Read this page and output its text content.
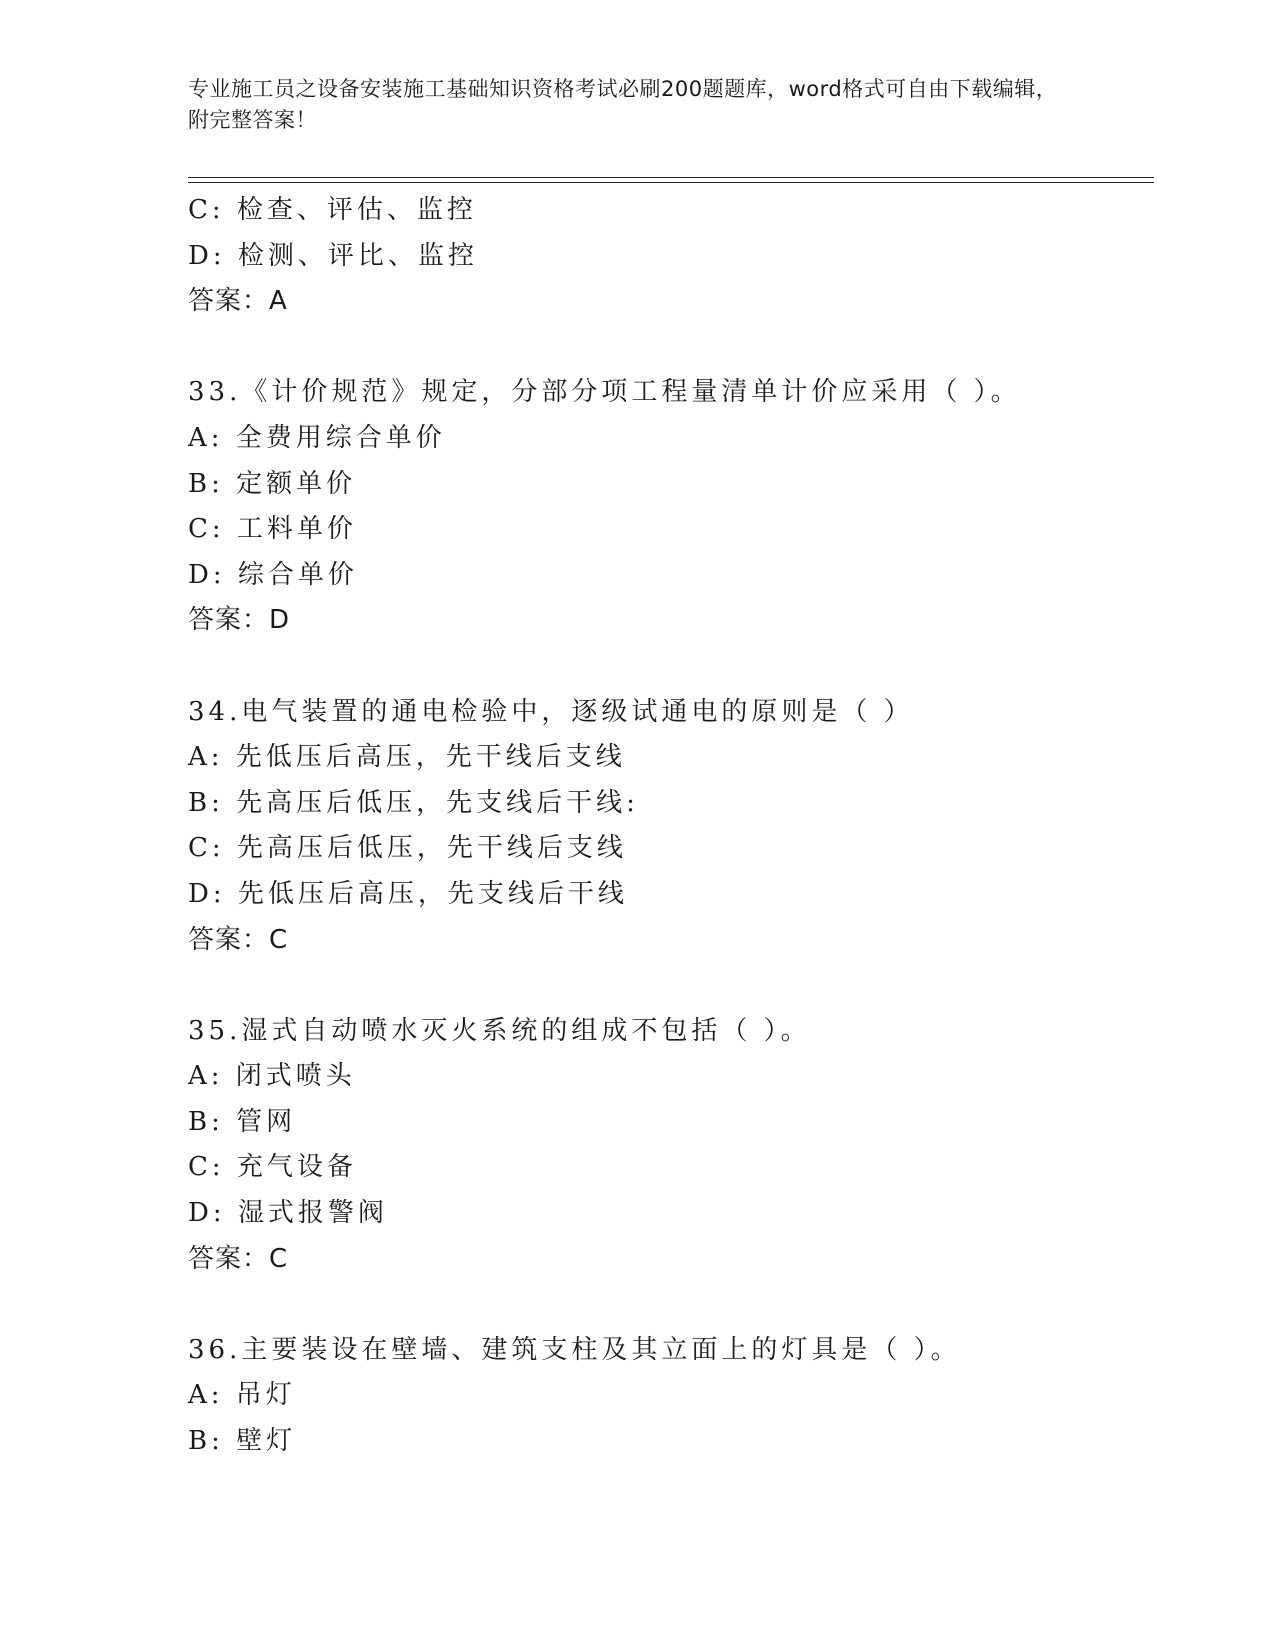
专业施工员之设备安装施工基础知识资格考试必刷200题题库，word格式可自由下载编辑，附完整答案！
C: 检查、评估、监控
D: 检测、评比、监控
答案：A
33.《计价规范》规定，分部分项工程量清单计价应采用（ ）。
A: 全费用综合单价
B: 定额单价
C: 工料单价
D: 综合单价
答案：D
34.电气装置的通电检验中，逐级试通电的原则是（ ）
A: 先低压后高压，先干线后支线
B: 先高压后低压，先支线后干线:
C: 先高压后低压，先干线后支线
D: 先低压后高压，先支线后干线
答案：C
35.湿式自动喷水灭火系统的组成不包括（ ）。
A: 闭式喷头
B: 管网
C: 充气设备
D: 湿式报警阀
答案：C
36.主要装设在壁墙、建筑支柱及其立面上的灯具是（ ）。
A: 吊灯
B: 壁灯
